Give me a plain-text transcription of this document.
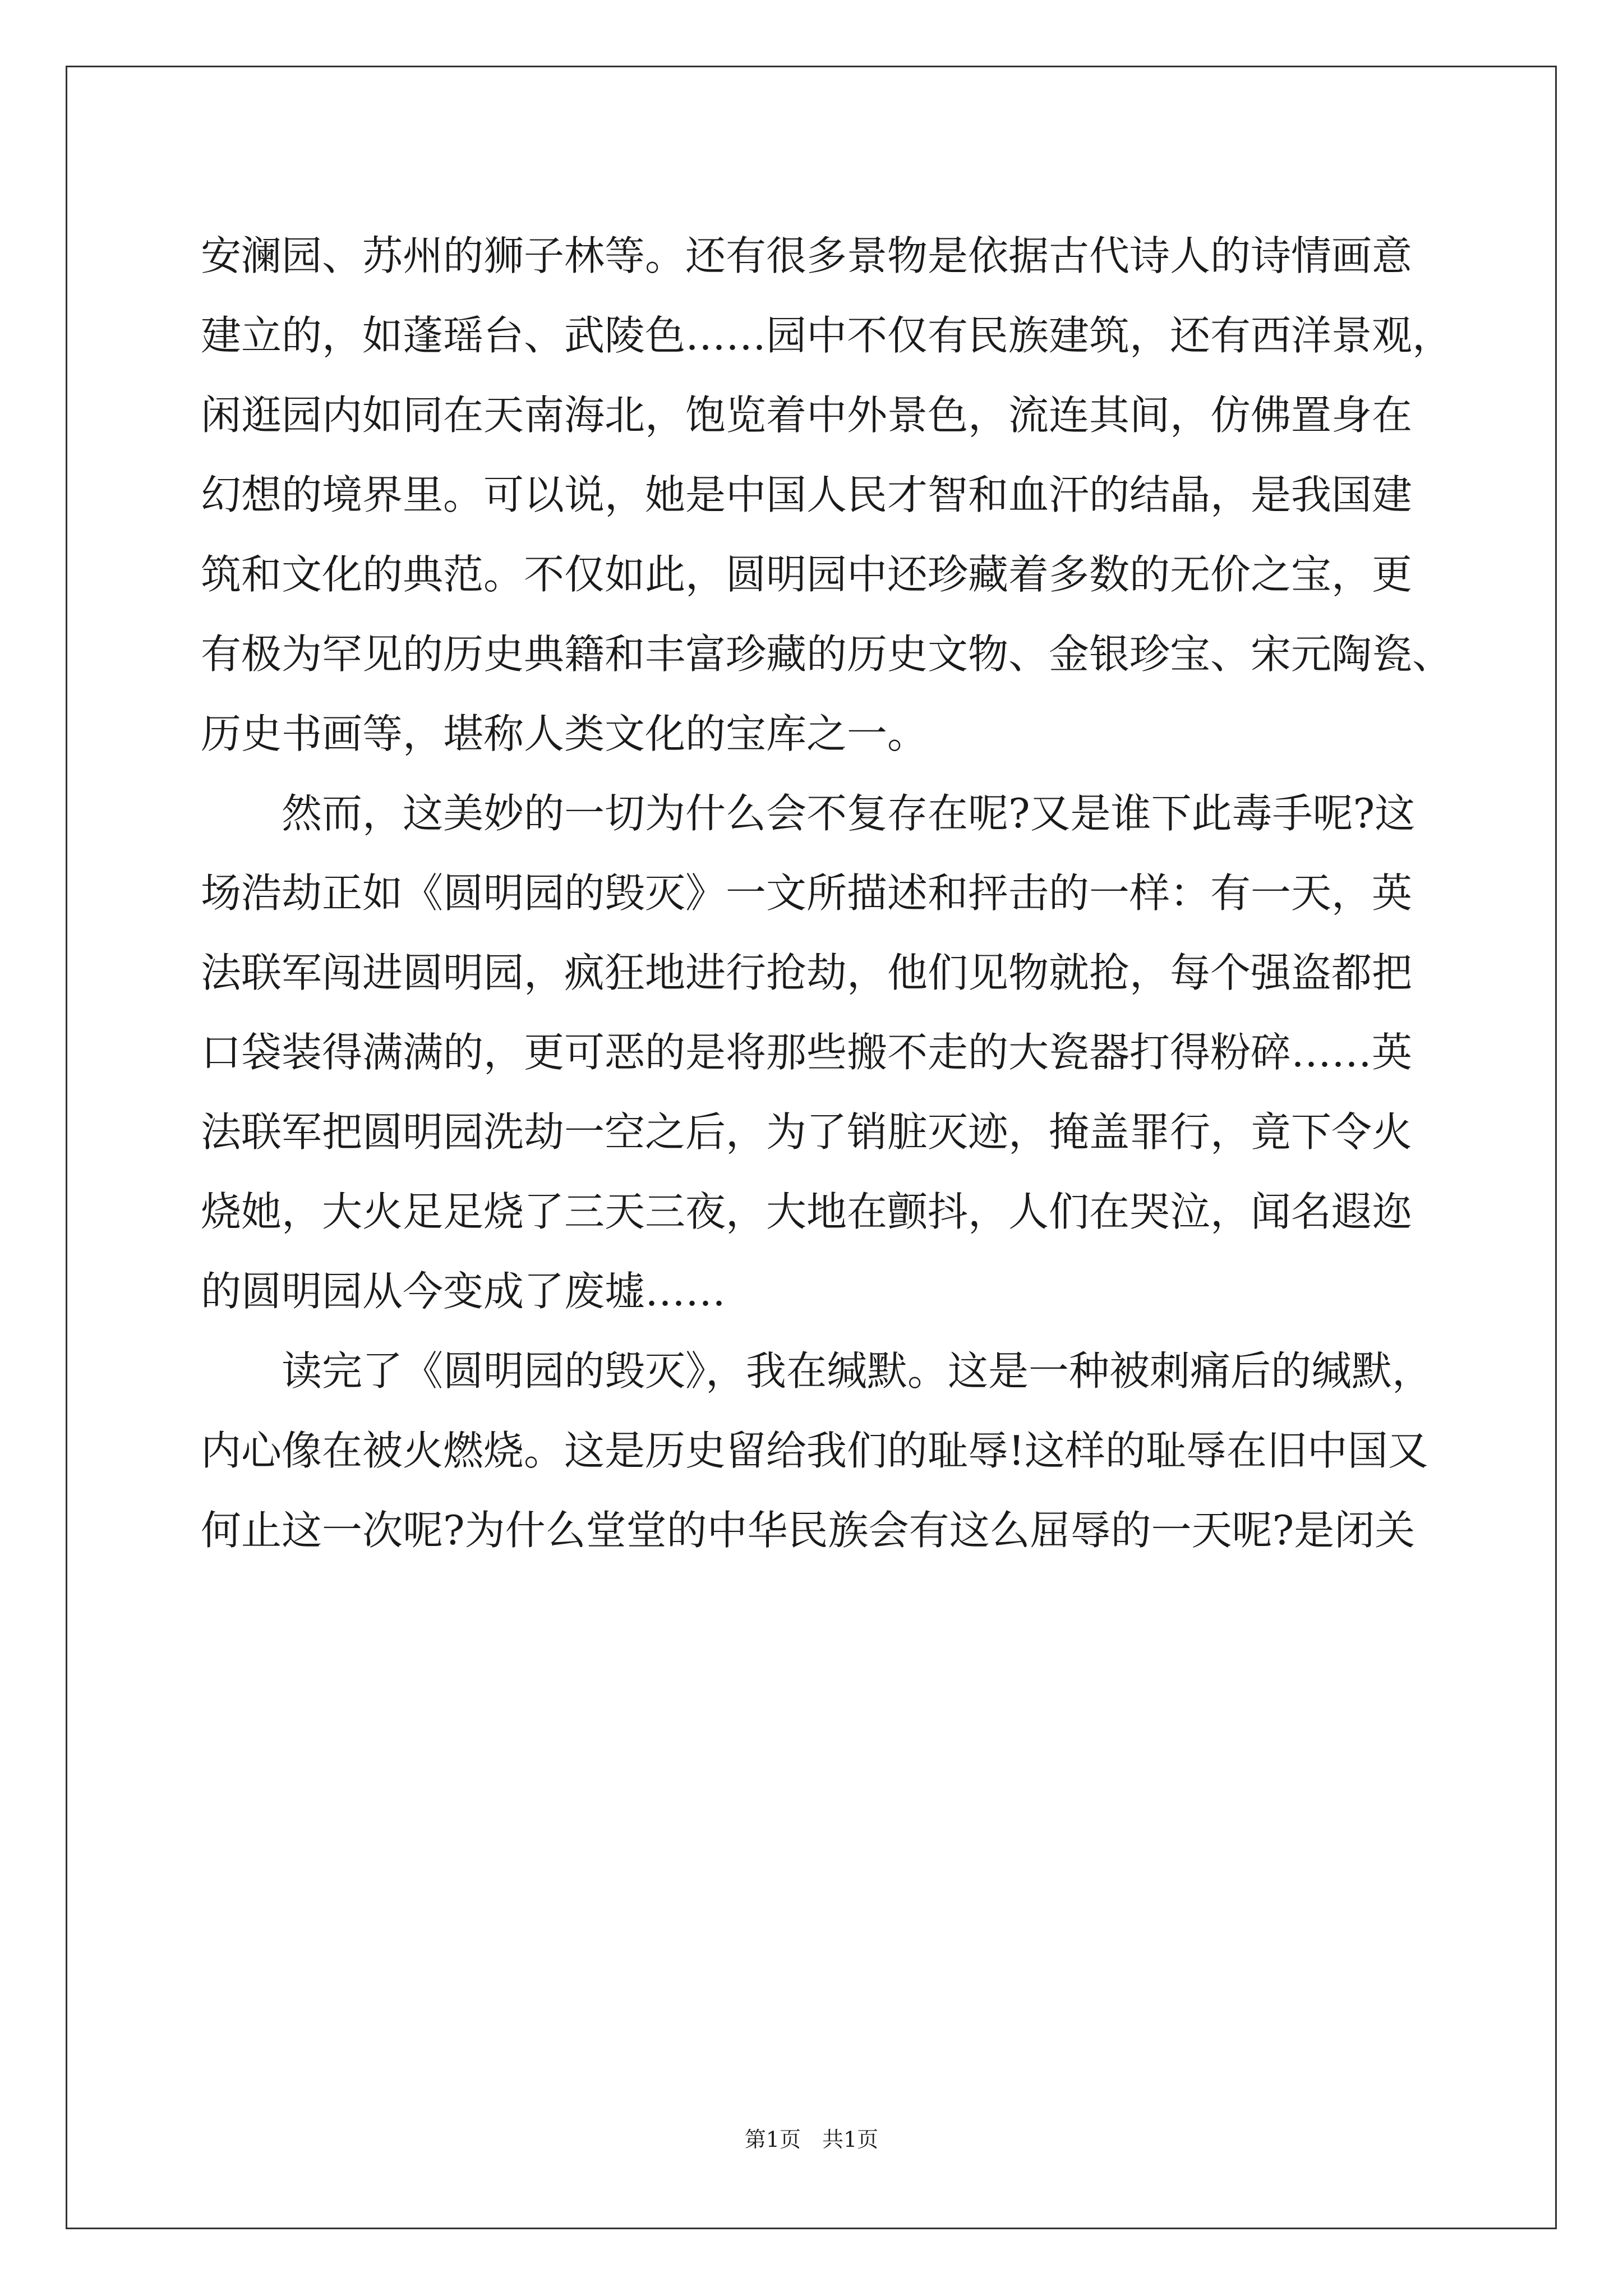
安澜园、苏州的狮子林等。还有很多景物是依据古代诗人的诗情画意
建立的，如蓬瑶台、武陵色……园中不仅有民族建筑，还有西洋景观，
闲逛园内如同在天南海北，饱览着中外景色，流连其间，仿佛置身在
幻想的境界里。可以说，她是中国人民才智和血汗的结晶，是我国建
筑和文化的典范。不仅如此，圆明园中还珍藏着多数的无价之宝，更
有极为罕见的历史典籍和丰富珍藏的历史文物、金银珍宝、宋元陶瓷、
历史书画等，堪称人类文化的宝库之一。
然而，这美妙的一切为什么会不复存在呢?又是谁下此毒手呢?这
场浩劫正如《圆明园的毁灭》一文所描述和抨击的一样：有一天，英
法联军闯进圆明园，疯狂地进行抢劫，他们见物就抢，每个强盗都把
口袋装得满满的，更可恶的是将那些搬不走的大瓷器打得粉碎……英
法联军把圆明园洗劫一空之后，为了销脏灭迹，掩盖罪行，竟下令火
烧她，大火足足烧了三天三夜，大地在颤抖，人们在哭泣，闻名遐迩
的圆明园从今变成了废墟……
读完了《圆明园的毁灭》，我在缄默。这是一种被刺痛后的缄默，
内心像在被火燃烧。这是历史留给我们的耻辱!这样的耻辱在旧中国又
何止这一次呢?为什么堂堂的中华民族会有这么屈辱的一天呢?是闭关
第1页　共1页
